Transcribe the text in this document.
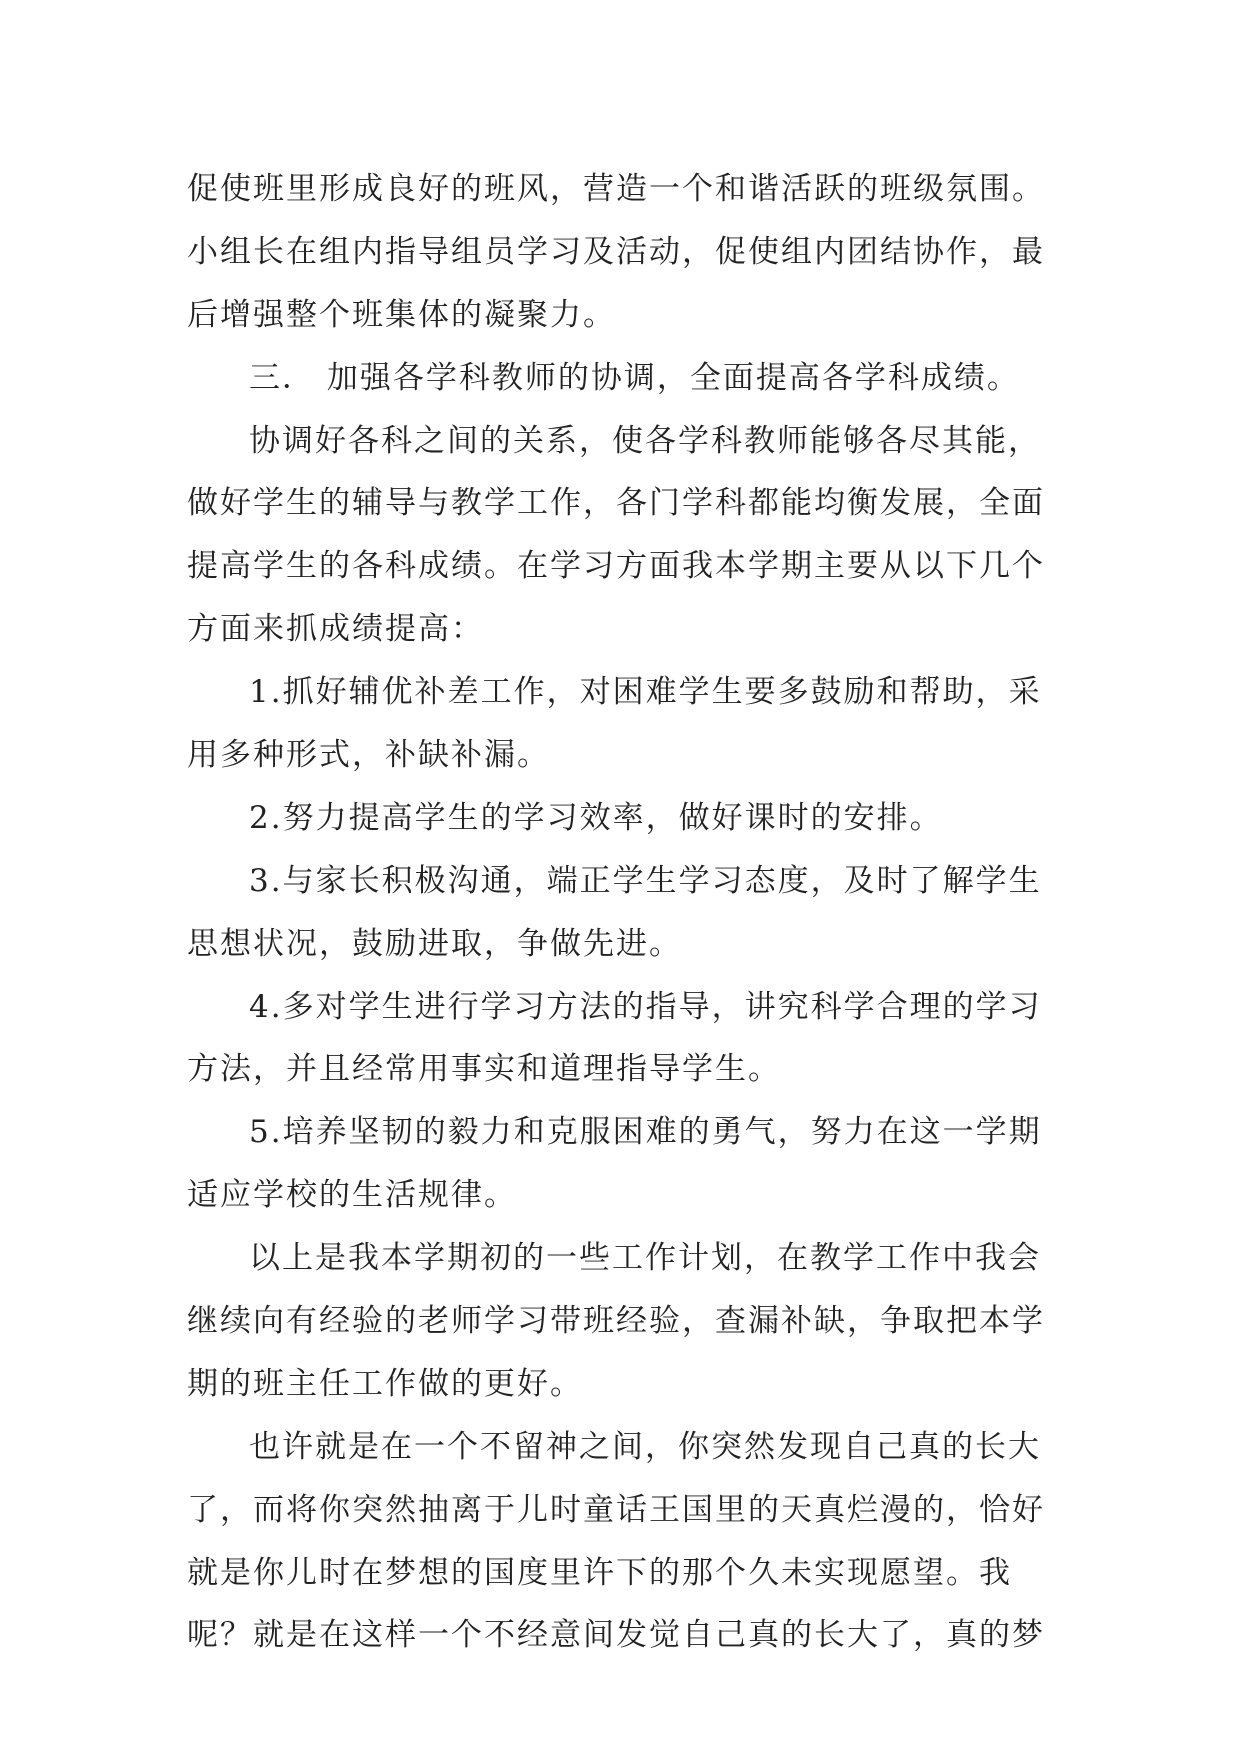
促使班里形成良好的班风，营造一个和谐活跃的班级氛围。
小组长在组内指导组员学习及活动，促使组内团结协作，最
后增强整个班集体的凝聚力。
三． 加强各学科教师的协调，全面提高各学科成绩。
协调好各科之间的关系，使各学科教师能够各尽其能，
做好学生的辅导与教学工作，各门学科都能均衡发展，全面
提高学生的各科成绩。在学习方面我本学期主要从以下几个
方面来抓成绩提高：
1.抓好辅优补差工作，对困难学生要多鼓励和帮助，采
用多种形式，补缺补漏。
2.努力提高学生的学习效率，做好课时的安排。
3.与家长积极沟通，端正学生学习态度，及时了解学生
思想状况，鼓励进取，争做先进。
4.多对学生进行学习方法的指导，讲究科学合理的学习
方法，并且经常用事实和道理指导学生。
5.培养坚韧的毅力和克服困难的勇气，努力在这一学期
适应学校的生活规律。
以上是我本学期初的一些工作计划，在教学工作中我会
继续向有经验的老师学习带班经验，查漏补缺，争取把本学
期的班主任工作做的更好。
也许就是在一个不留神之间，你突然发现自己真的长大
了，而将你突然抽离于儿时童话王国里的天真烂漫的，恰好
就是你儿时在梦想的国度里许下的那个久未实现愿望。我
呢？就是在这样一个不经意间发觉自己真的长大了，真的梦
